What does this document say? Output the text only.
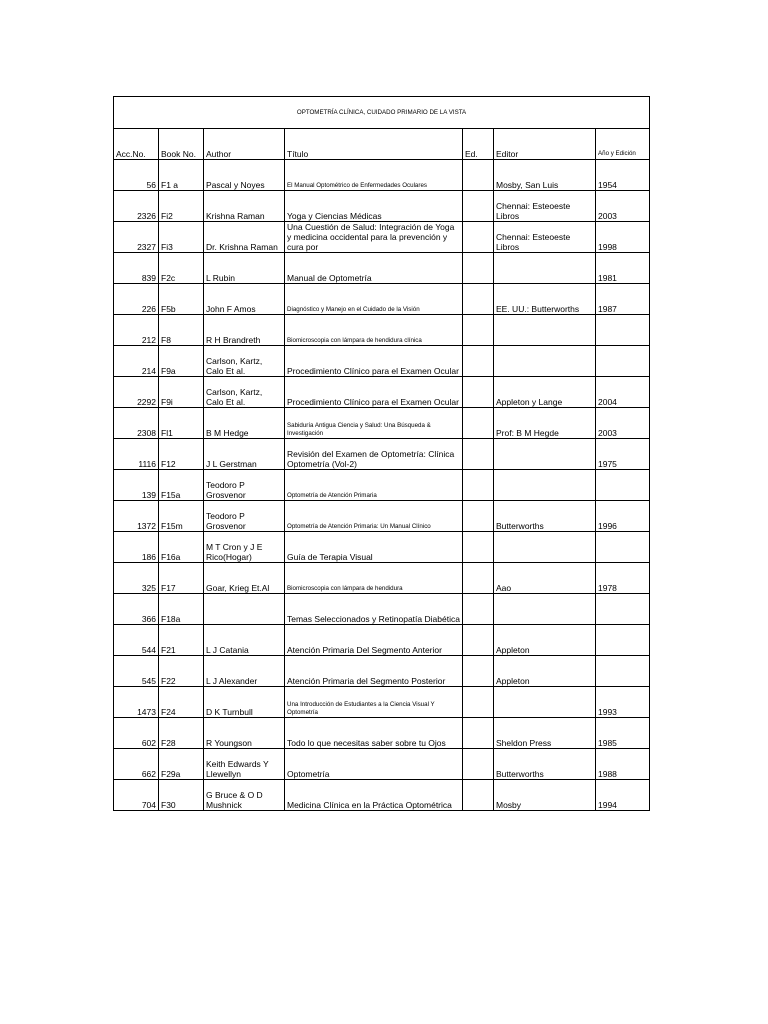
OPTOMETRÍA CLÍNICA, CUIDADO PRIMARIO DE LA VISTA						
Acc.No.	Book No.	Author	Título	Ed.	Editor	Año y Edición
56	F1 a	Pascal y Noyes	El Manual Optométrico de Enfermedades Oculares		Mosby, San Luis	1954
2326	Fi2	Krishna Raman	Yoga y Ciencias Médicas		Chennai: Esteoeste Libros	2003
2327	Fi3	Dr. Krishna Raman	Una Cuestión de Salud: Integración de Yoga y medicina occidental para la prevención y cura por		Chennai: Esteoeste Libros	1998
839	F2c	L Rubin	Manual de Optometría			1981
226	F5b	John F Amos	Diagnóstico y Manejo en el Cuidado de la Visión		EE. UU.: Butterworths	1987
212	F8	R H Brandreth	Biomicroscopia con lámpara de hendidura clínica			
214	F9a	Carlson, Kartz, Calo Et al.	Procedimiento Clínico para el Examen Ocular			
2292	F9i	Carlson, Kartz, Calo Et al.	Procedimiento Clínico para el Examen Ocular		Appleton y Lange	2004
2308	Fl1	B M Hedge	Sabiduría Antigua Ciencia y Salud: Una Búsqueda & Investigación		Prof: B M Hegde	2003
1116	F12	J L Gerstman	Revisión del Examen de Optometría: Clínica Optometría (Vol-2)			1975
139	F15a	Teodoro P Grosvenor	Optometría de Atención Primaria			
1372	F15m	Teodoro P Grosvenor	Optometría de Atención Primaria: Un Manual Clínico		Butterworths	1996
186	F16a	M T Cron y J E Rico(Hogar)	Guía de Terapia Visual			
325	F17	Goar, Krieg Et.Al	Biomicroscopia con lámpara de hendidura		Aao	1978
366	F18a		Temas Seleccionados y Retinopatía Diabética			
544	F21	L J Catania	Atención Primaria Del Segmento Anterior		Appleton	
545	F22	L J Alexander	Atención Primaria del Segmento Posterior		Appleton	
1473	F24	D K Turnbull	Una Introducción de Estudiantes a la Ciencia Visual Y Optometría			1993
602	F28	R Youngson	Todo lo que necesitas saber sobre tu Ojos		Sheldon Press	1985
662	F29a	Keith Edwards Y Llewellyn	Optometría		Butterworths	1988
704	F30	G Bruce & O D Mushnick	Medicina Clínica en la Práctica Optométrica		Mosby	1994
